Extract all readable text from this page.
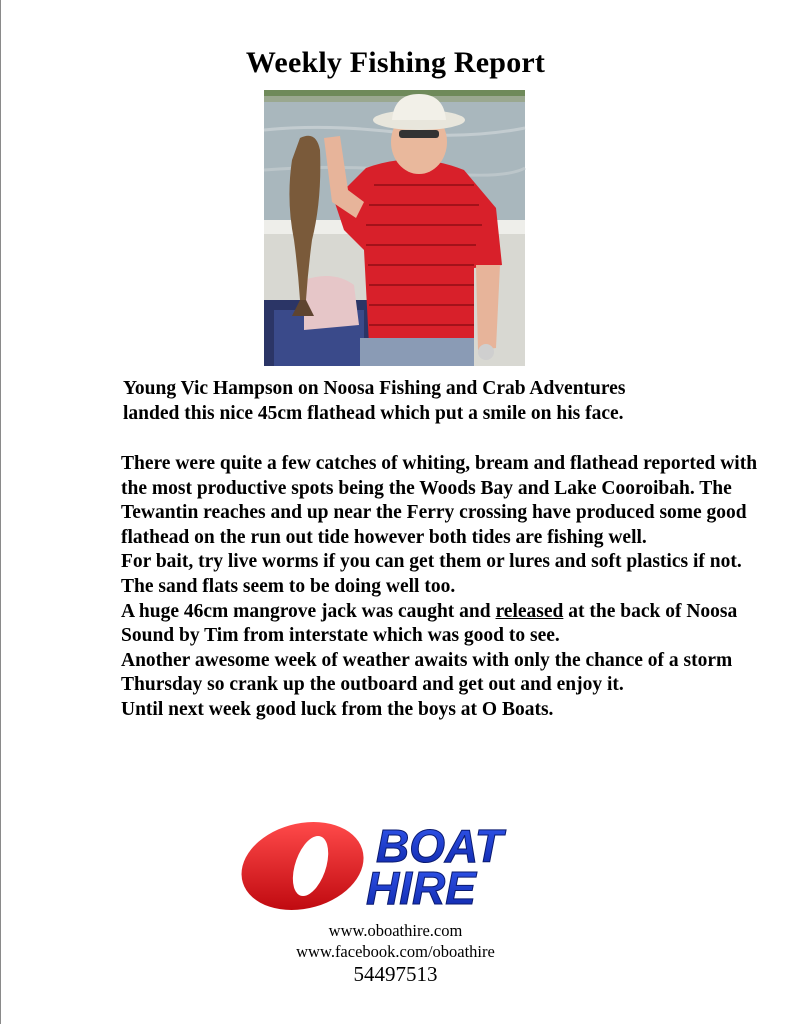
Weekly Fishing Report
Young Vic Hampson on Noosa Fishing and Crab Adventures
landed this nice 45cm flathead which put a smile on his face.

There were quite a few catches of whiting, bream and flathead reported with the most productive spots being the Woods Bay and Lake Cooroibah. The Tewantin reaches and up near the Ferry crossing have produced some good flathead on the run out tide however both tides are fishing well.

For bait, try live worms if you can get them or lures and soft plastics if not. The sand flats seem to be doing well too.

A huge 46cm mangrove jack was caught and released at the back of Noosa Sound by Tim from interstate which was good to see.

Another awesome week of weather awaits with only the chance of a storm Thursday so crank up the outboard and get out and enjoy it.

Until next week good luck from the boys at O Boats.

BOAT
HIRE
O
www.oboathire.com
www.facebook.com/oboathire
54497513
